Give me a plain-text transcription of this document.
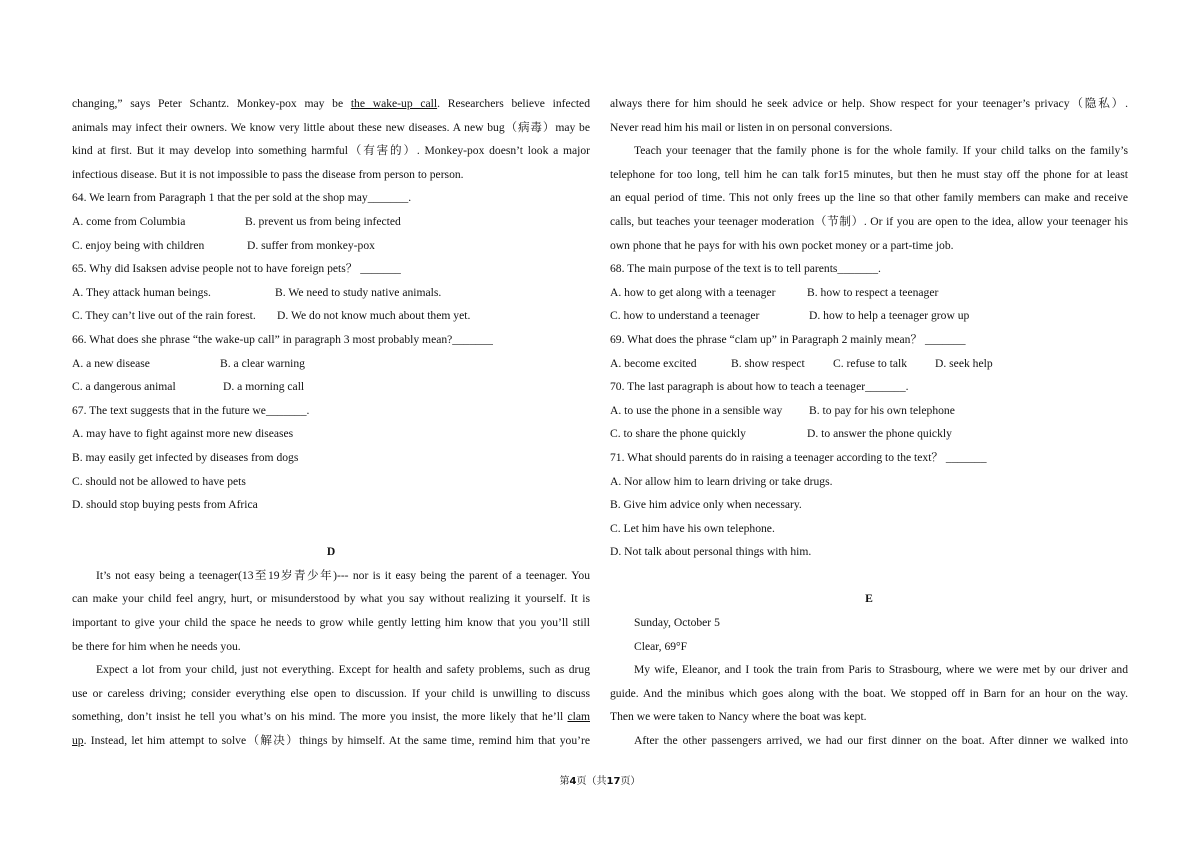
changing,” says Peter Schantz. Monkey-pox may be the wake-up call. Researchers believe infected
animals may infect their owners. We know very little about these new diseases. A new bug（病毒）may be
kind at first. But it may develop into something harmful（有害的）. Monkey-pox doesn’t look a major
infectious disease. But it is not impossible to pass the disease from person to person.
64. We learn from Paragraph 1 that the per sold at the shop may_______.
A. come from Columbia	B. prevent us from being infected
C. enjoy being with children	D. suffer from monkey-pox
65. Why did Isaksen advise people not to have foreign pets？ _______
A. They attack human beings.	B. We need to study native animals.
C. They can’t live out of the rain forest. D. We do not know much about them yet.
66. What does she phrase “the wake-up call” in paragraph 3 most probably mean?_______
A. a new disease	B. a clear warning
C. a dangerous animal	D. a morning call
67. The text suggests that in the future we_______.
A. may have to fight against more new diseases
B. may easily get infected by diseases from dogs
C. should not be allowed to have pets
D. should stop buying pests from Africa
D
It’s not easy being a teenager(13至19岁青少年)--- nor is it easy being the parent of a teenager. You
can make your child feel angry, hurt, or misunderstood by what you say without realizing it yourself. It is
important to give your child the space he needs to grow while gently letting him know that you you’ll still
be there for him when he needs you.
Expect a lot from your child, just not everything. Except for health and safety problems, such as drug
use or careless driving; consider everything else open to discussion. If your child is unwilling to discuss
something, don’t insist he tell you what’s on his mind. The more you insist, the more likely that he’ll clam
up. Instead, let him attempt to solve（解决）things by himself. At the same time, remind him that you’re
always there for him should he seek advice or help. Show respect for your teenager’s privacy（隐私）.
Never read him his mail or listen in on personal conversions.
Teach your teenager that the family phone is for the whole family. If your child talks on the family’s
telephone for too long, tell him he can talk for15 minutes, but then he must stay off the phone for at least
an equal period of time. This not only frees up the line so that other family members can make and receive
calls, but teaches your teenager moderation（节制）. Or if you are open to the idea, allow your teenager his
own phone that he pays for with his own pocket money or a part-time job.
68. The main purpose of the text is to tell parents_______.
A. how to get along with a teenager	B. how to respect a teenager
C. how to understand a teenager	D. how to help a teenager grow up
69. What does the phrase “clam up” in Paragraph 2 mainly mean？ _______
A. become excited	B. show respect C. refuse to talk D. seek help
70. The last paragraph is about how to teach a teenager_______.
A. to use the phone in a sensible way B. to pay for his own telephone
C. to share the phone quickly	D. to answer the phone quickly
71. What should parents do in raising a teenager according to the text？ _______
A. Nor allow him to learn driving or take drugs.
B. Give him advice only when necessary.
C. Let him have his own telephone.
D. Not talk about personal things with him.
E
Sunday, October 5
Clear, 69°F
My wife, Eleanor, and I took the train from Paris to Strasbourg, where we were met by our driver and
guide. And the minibus which goes along with the boat. We stopped off in Barn for an hour on the way.
Then we were taken to Nancy where the boat was kept.
After the other passengers arrived, we had our first dinner on the boat. After dinner we walked into
第4页（共17页）
